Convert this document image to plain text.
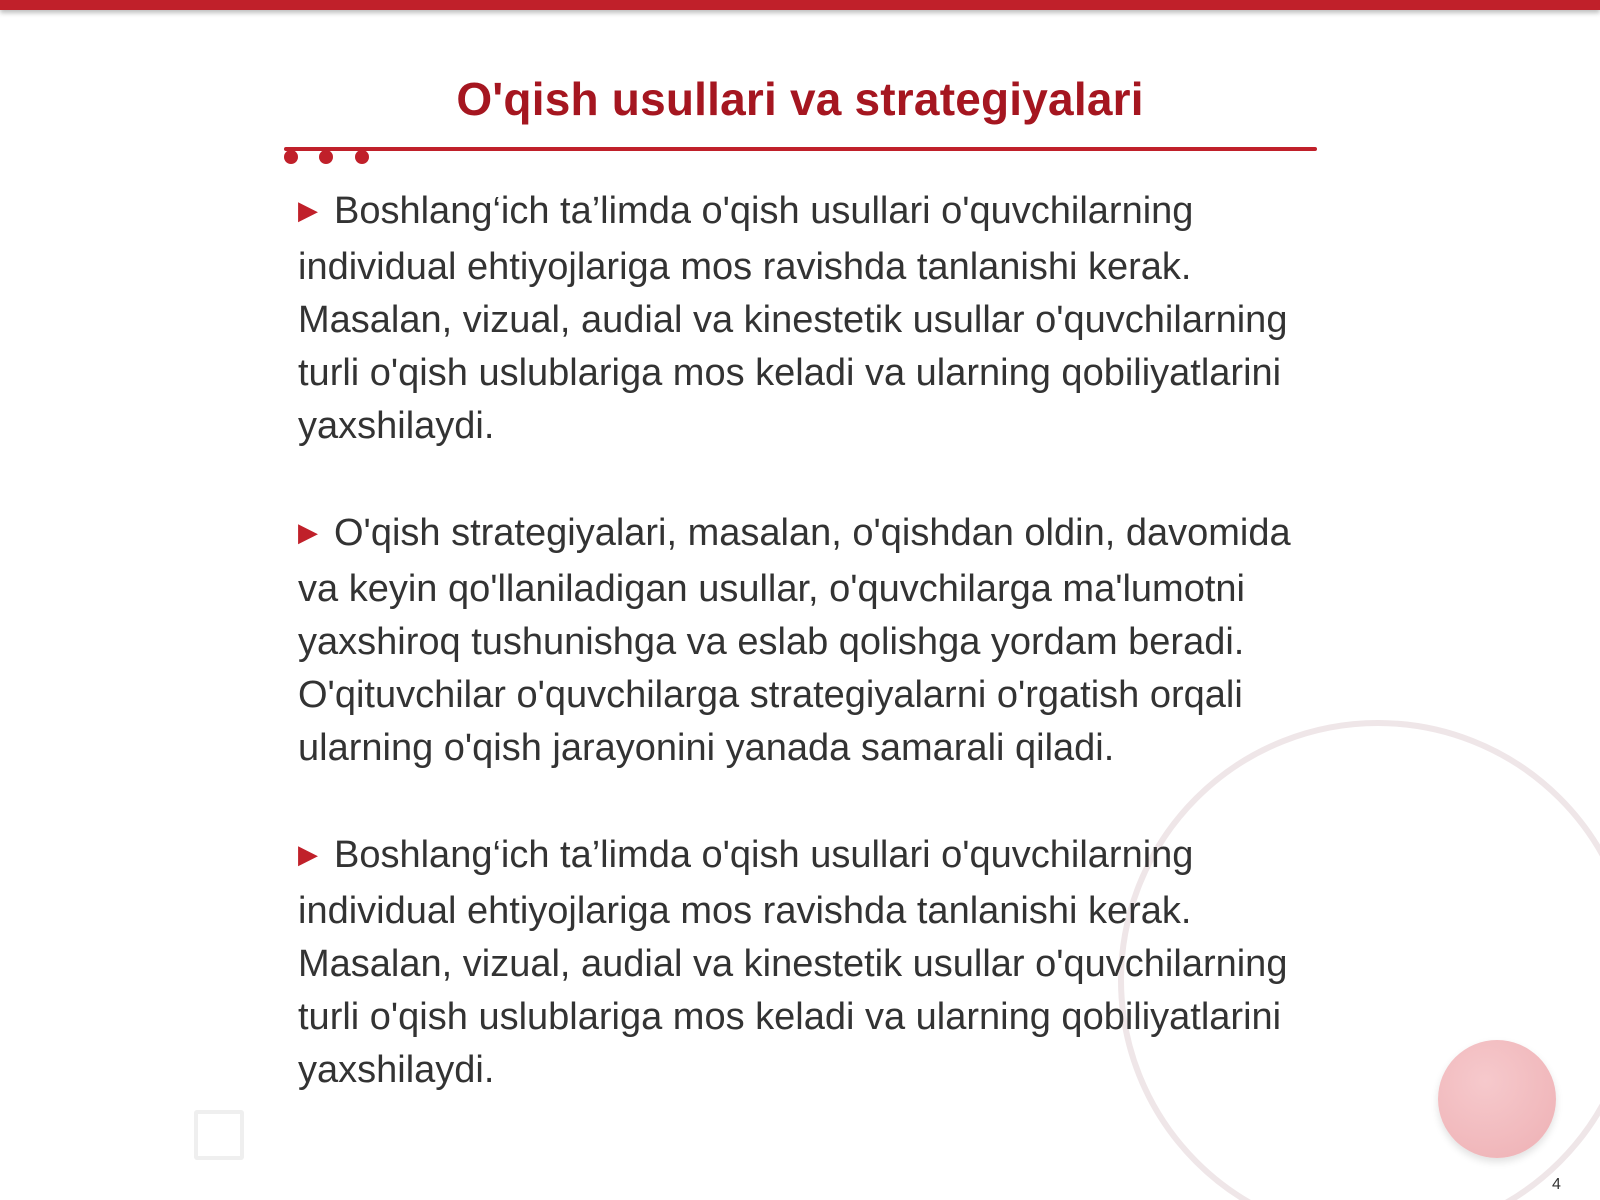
O'qish usullari va strategiyalari

▶ Boshlang‘ich ta’limda o'qish usullari o'quvchilarning individual ehtiyojlariga mos ravishda tanlanishi kerak. Masalan, vizual, audial va kinestetik usullar o'quvchilarning turli o'qish uslublariga mos keladi va ularning qobiliyatlarini yaxshilaydi.

▶ O'qish strategiyalari, masalan, o'qishdan oldin, davomida va keyin qo'llaniladigan usullar, o'quvchilarga ma'lumotni yaxshiroq tushunishga va eslab qolishga yordam beradi. O'qituvchilar o'quvchilarga strategiyalarni o'rgatish orqali ularning o'qish jarayonini yanada samarali qiladi.

▶ Boshlang‘ich ta’limda o'qish usullari o'quvchilarning individual ehtiyojlariga mos ravishda tanlanishi kerak. Masalan, vizual, audial va kinestetik usullar o'quvchilarning turli o'qish uslublariga mos keladi va ularning qobiliyatlarini yaxshilaydi.

4
